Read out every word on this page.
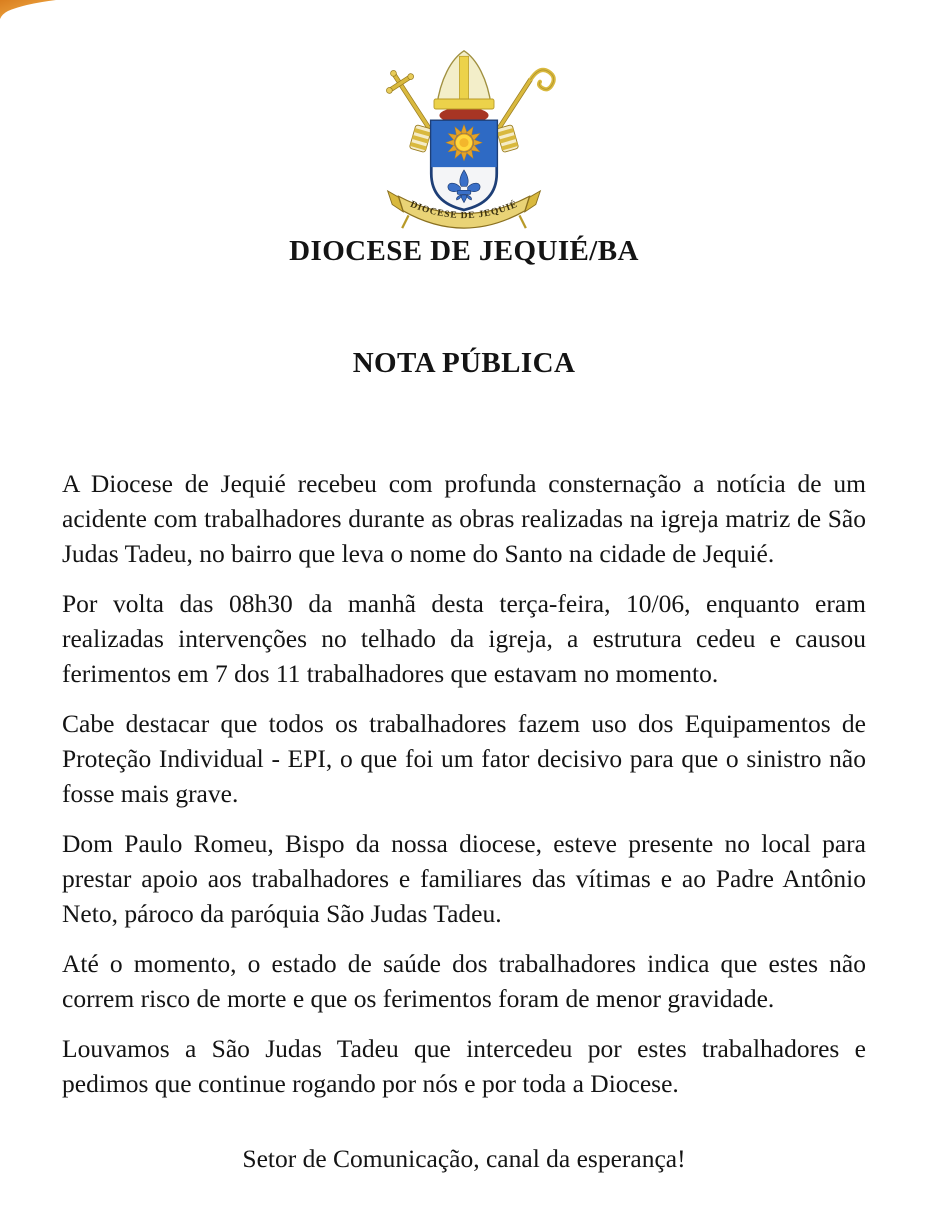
DIOCESE DE JEQUIÉ
DIOCESE DE JEQUIÉ/BA
NOTA PÚBLICA

A Diocese de Jequié recebeu com profunda consternação a notícia de um acidente com trabalhadores durante as obras realizadas na igreja matriz de São Judas Tadeu, no bairro que leva o nome do Santo na cidade de Jequié.

Por volta das 08h30 da manhã desta terça-feira, 10/06, enquanto eram realizadas intervenções no telhado da igreja, a estrutura cedeu e causou ferimentos em 7 dos 11 trabalhadores que estavam no momento.

Cabe destacar que todos os trabalhadores fazem uso dos Equipamentos de Proteção Individual - EPI, o que foi um fator decisivo para que o sinistro não fosse mais grave.

Dom Paulo Romeu, Bispo da nossa diocese, esteve presente no local para prestar apoio aos trabalhadores e familiares das vítimas e ao Padre Antônio Neto, pároco da paróquia São Judas Tadeu.

Até o momento, o estado de saúde dos trabalhadores indica que estes não correm risco de morte e que os ferimentos foram de menor gravidade.

Louvamos a São Judas Tadeu que intercedeu por estes trabalhadores e pedimos que continue rogando por nós e por toda a Diocese.

Setor de Comunicação, canal da esperança!
